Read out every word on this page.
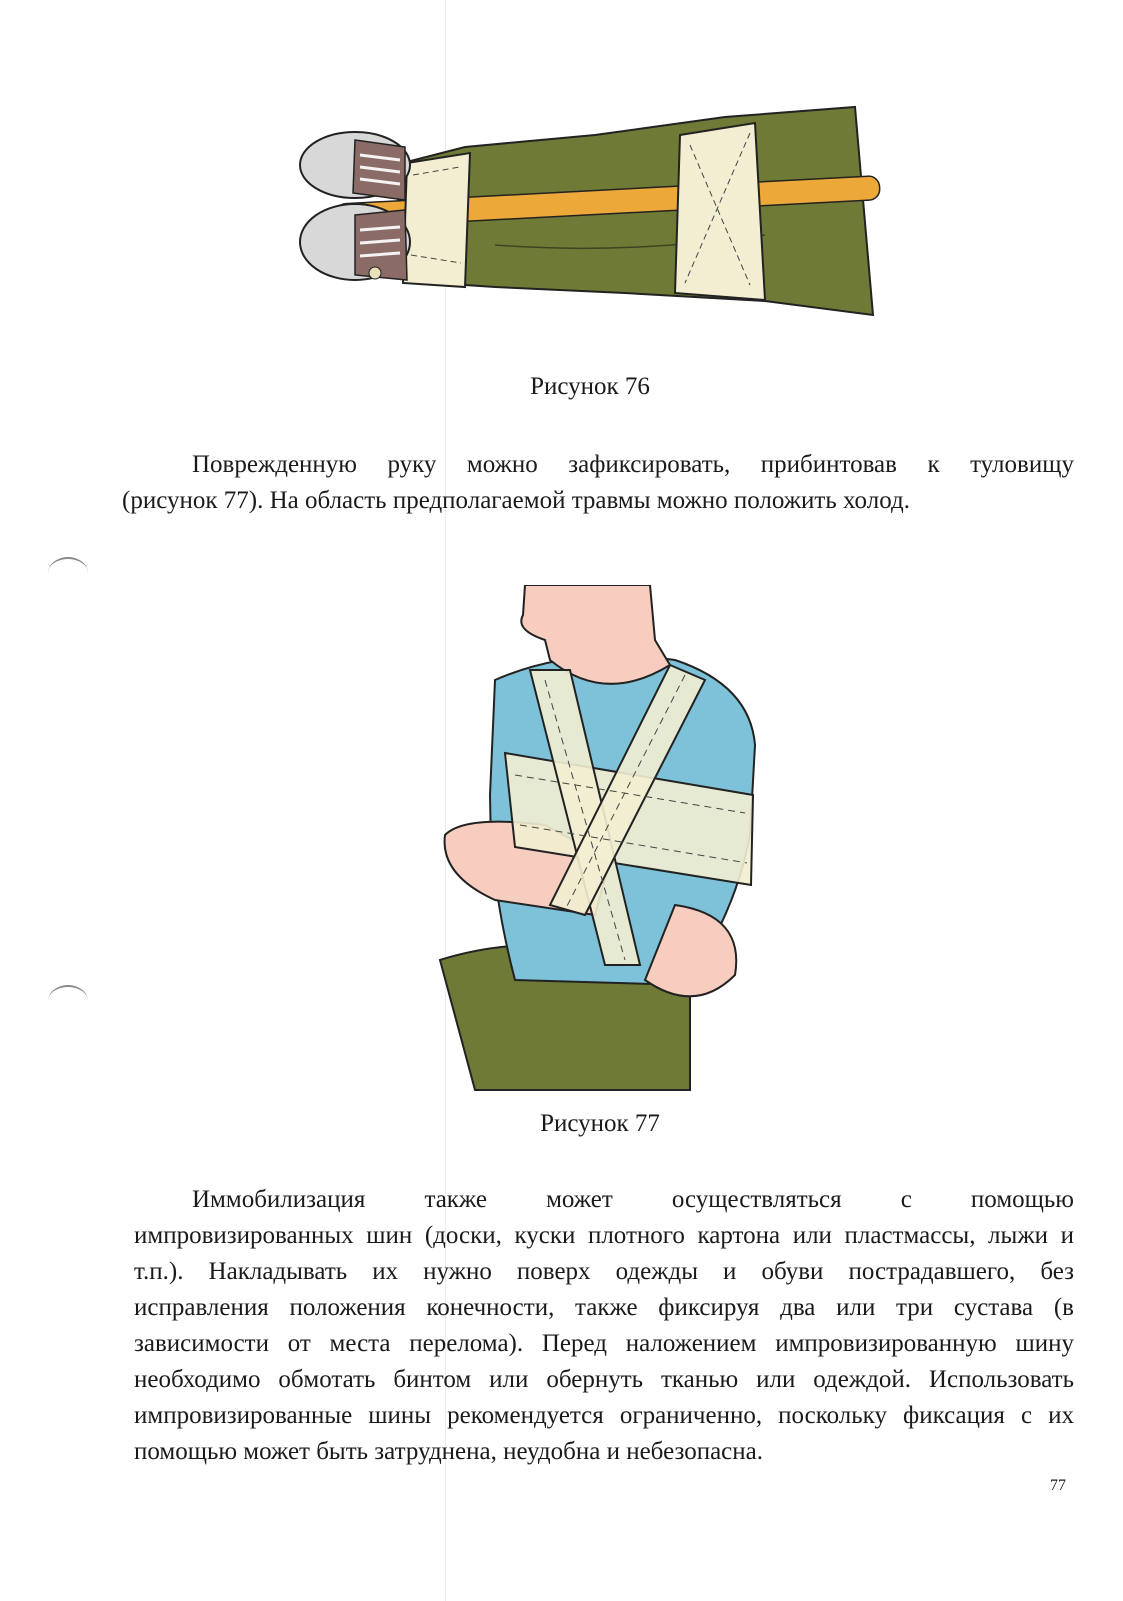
Рисунок 76
Поврежденную руку можно зафиксировать, прибинтовав к туловищу
(рисунок 77). На область предполагаемой травмы можно положить холод.
Рисунок 77
Иммобилизация также может осуществляться с помощью
импровизированных шин (доски, куски плотного картона или пластмассы, лыжи и
т.п.). Накладывать их нужно поверх одежды и обуви пострадавшего, без
исправления положения конечности, также фиксируя два или три сустава (в
зависимости от места перелома). Перед наложением импровизированную шину
необходимо обмотать бинтом или обернуть тканью или одеждой. Использовать
импровизированные шины рекомендуется ограниченно, поскольку фиксация с их
помощью может быть затруднена, неудобна и небезопасна.
77
